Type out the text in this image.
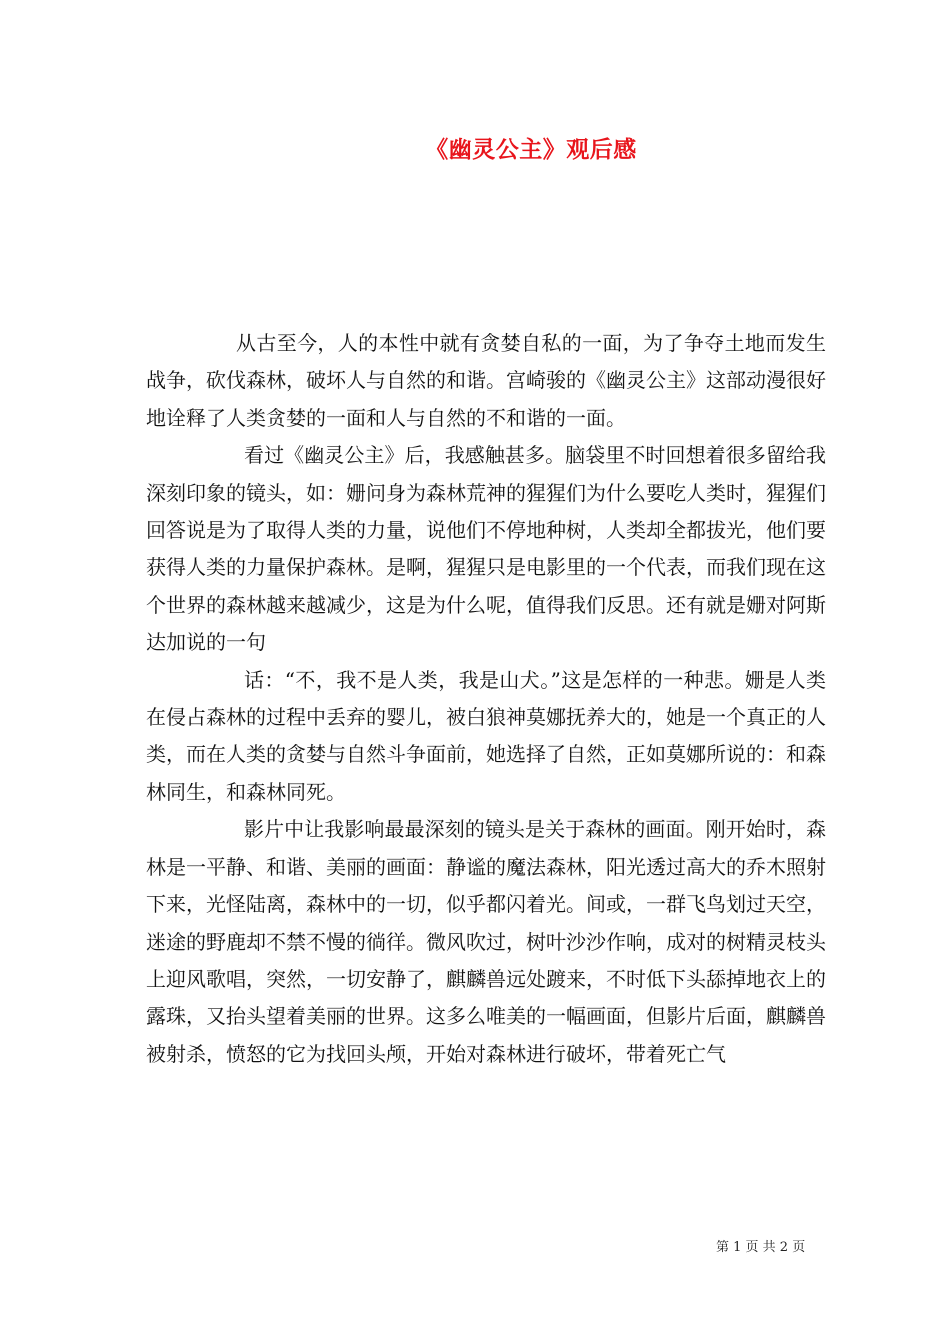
《幽灵公主》观后感

从古至今，人的本性中就有贪婪自私的一面，为了争夺土地而发生战争，砍伐森林，破坏人与自然的和谐。宫崎骏的《幽灵公主》这部动漫很好地诠释了人类贪婪的一面和人与自然的不和谐的一面。

看过《幽灵公主》后，我感触甚多。脑袋里不时回想着很多留给我深刻印象的镜头，如：姗问身为森林荒神的猩猩们为什么要吃人类时，猩猩们回答说是为了取得人类的力量，说他们不停地种树，人类却全都拔光，他们要获得人类的力量保护森林。是啊，猩猩只是电影里的一个代表，而我们现在这个世界的森林越来越减少，这是为什么呢，值得我们反思。还有就是姗对阿斯达加说的一句

话：“不，我不是人类，我是山犬。”这是怎样的一种悲。姗是人类在侵占森林的过程中丢弃的婴儿，被白狼神莫娜抚养大的，她是一个真正的人类，而在人类的贪婪与自然斗争面前，她选择了自然，正如莫娜所说的：和森林同生，和森林同死。

影片中让我影响最最深刻的镜头是关于森林的画面。刚开始时，森林是一平静、和谐、美丽的画面：静谧的魔法森林，阳光透过高大的乔木照射下来，光怪陆离，森林中的一切，似乎都闪着光。间或，一群飞鸟划过天空，迷途的野鹿却不禁不慢的徜徉。微风吹过，树叶沙沙作响，成对的树精灵枝头上迎风歌唱，突然，一切安静了，麒麟兽远处踱来，不时低下头舔掉地衣上的露珠，又抬头望着美丽的世界。这多么唯美的一幅画面，但影片后面，麒麟兽被射杀，愤怒的它为找回头颅，开始对森林进行破坏，带着死亡气

第 1 页 共 2 页
